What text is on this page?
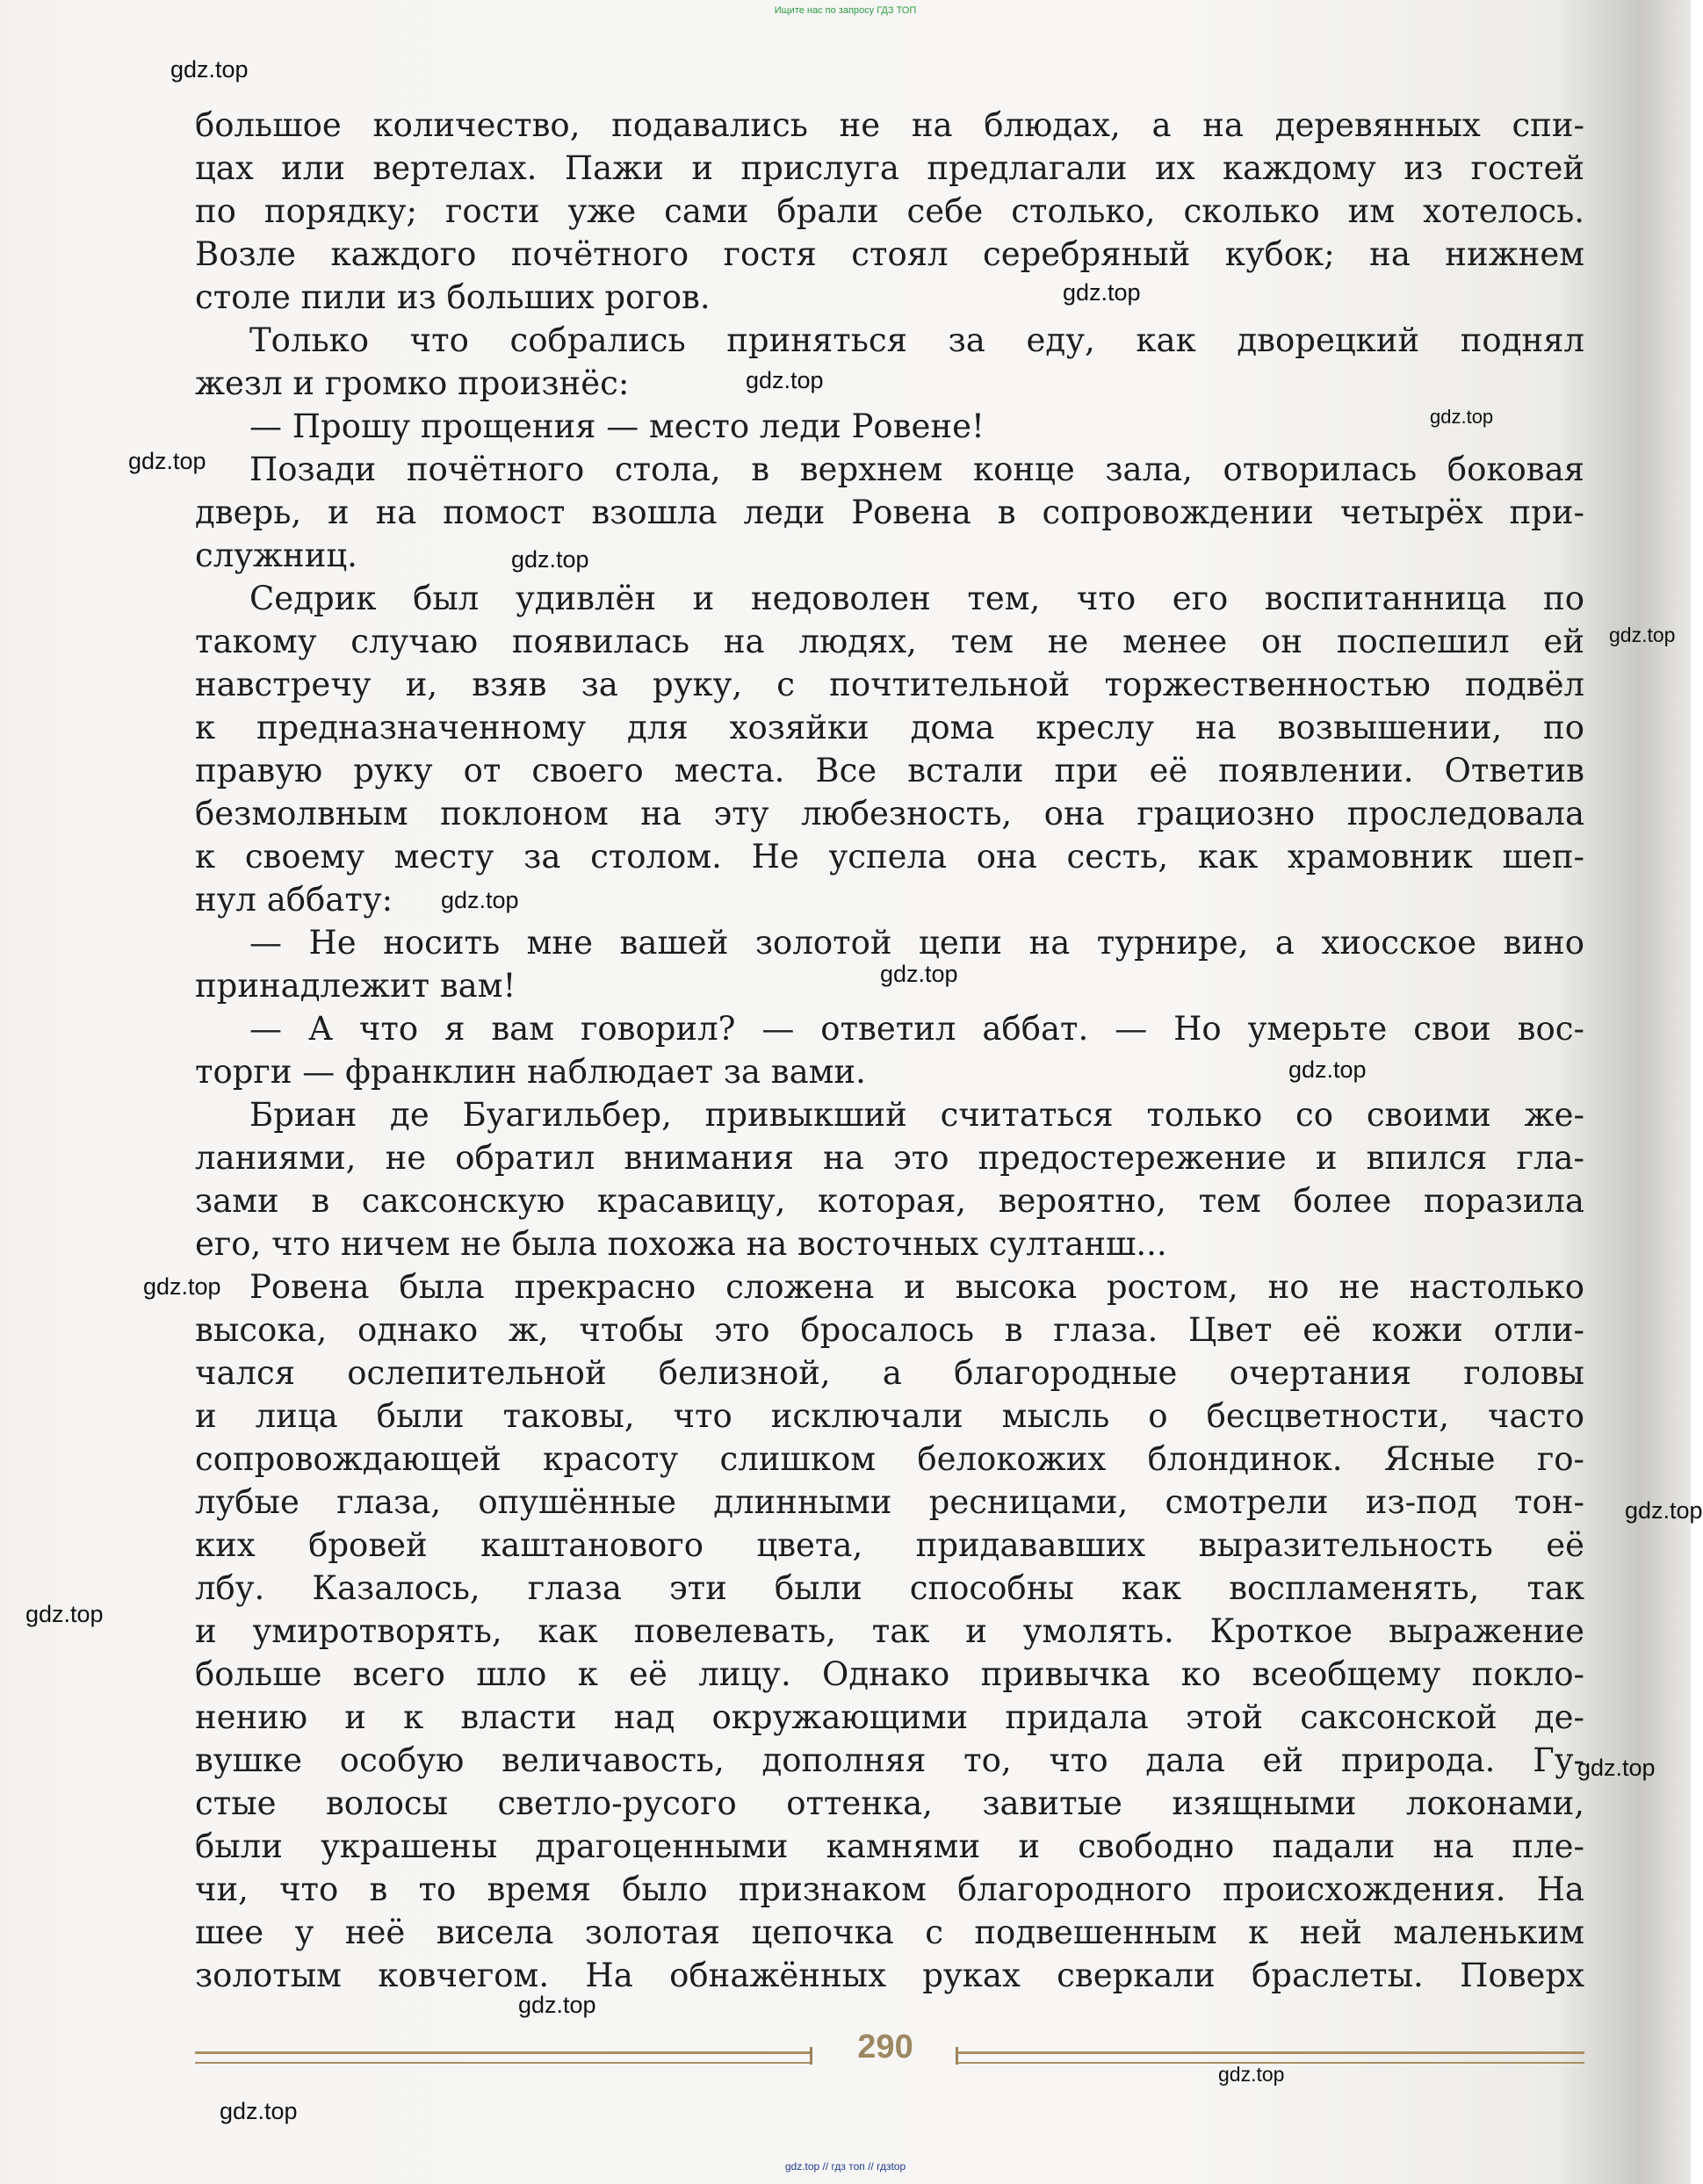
Ищите нас по запросу ГДЗ ТОП
большое количество, подавались не на блюдах, а на деревянных спи-
цах или вертелах. Пажи и прислуга предлагали их каждому из гостей
по порядку; гости уже сами брали себе столько, сколько им хотелось.
Возле каждого почётного гостя стоял серебряный кубок; на нижнем
столе пили из больших рогов.
Только что собрались приняться за еду, как дворецкий поднял
жезл и громко произнёс:
— Прошу прощения — место леди Ровене!
Позади почётного стола, в верхнем конце зала, отворилась боковая
дверь, и на помост взошла леди Ровена в сопровождении четырёх при-
служниц.
Седрик был удивлён и недоволен тем, что его воспитанница по
такому случаю появилась на людях, тем не менее он поспешил ей
навстречу и, взяв за руку, с почтительной торжественностью подвёл
к предназначенному для хозяйки дома креслу на возвышении, по
правую руку от своего места. Все встали при её появлении. Ответив
безмолвным поклоном на эту любезность, она грациозно проследовала
к своему месту за столом. Не успела она сесть, как храмовник шеп-
нул аббату:
— Не носить мне вашей золотой цепи на турнире, а хиосское вино
принадлежит вам!
— А что я вам говорил? — ответил аббат. — Но умерьте свои вос-
торги — франклин наблюдает за вами.
Бриан де Буагильбер, привыкший считаться только со своими же-
ланиями, не обратил внимания на это предостережение и впился гла-
зами в саксонскую красавицу, которая, вероятно, тем более поразила
его, что ничем не была похожа на восточных султанш...
Ровена была прекрасно сложена и высока ростом, но не настолько
высока, однако ж, чтобы это бросалось в глаза. Цвет её кожи отли-
чался ослепительной белизной, а благородные очертания головы
и лица были таковы, что исключали мысль о бесцветности, часто
сопровождающей красоту слишком белокожих блондинок. Ясные го-
лубые глаза, опушённые длинными ресницами, смотрели из-под тон-
ких бровей каштанового цвета, придававших выразительность её
лбу. Казалось, глаза эти были способны как воспламенять, так
и умиротворять, как повелевать, так и умолять. Кроткое выражение
больше всего шло к её лицу. Однако привычка ко всеобщему покло-
нению и к власти над окружающими придала этой саксонской де-
вушке особую величавость, дополняя то, что дала ей природа. Гу-
стые волосы светло-русого оттенка, завитые изящными локонами,
были украшены драгоценными камнями и свободно падали на пле-
чи, что в то время было признаком благородного происхождения. На
шее у неё висела золотая цепочка с подвешенным к ней маленьким
золотым ковчегом. На обнажённых руках сверкали браслеты. Поверх
gdz.top
gdz.top
gdz.top
gdz.top
gdz.top
gdz.top
gdz.top
gdz.top
gdz.top
gdz.top
gdz.top
gdz.top
gdz.top
gdz.top
gdz.top
gdz.top
gdz.top
290
gdz.top // гдз топ // гдзtop
